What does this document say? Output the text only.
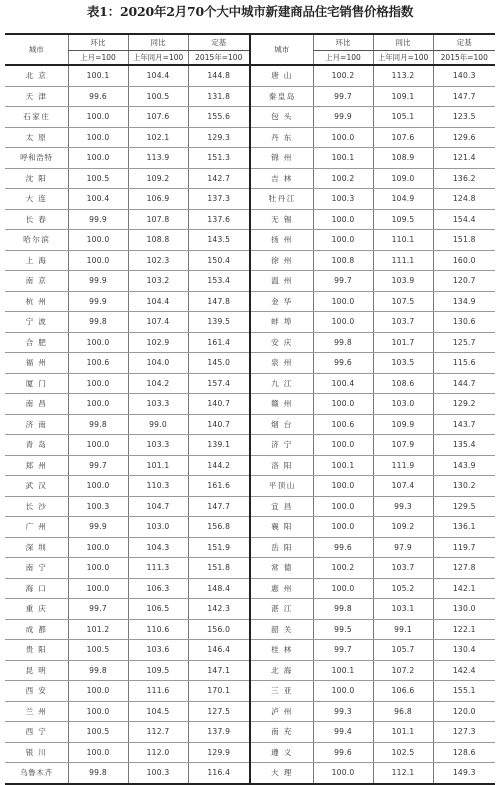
表1：2020年2月70个大中城市新建商品住宅销售价格指数
城市	环比	同比	定基	城市	环比	同比	定基
	上月=100	上年同月=100	2015年=100		上月=100	上年同月=100	2015年=100
北京	100.1	104.4	144.8	唐山	100.2	113.2	140.3
天津	99.6	100.5	131.8	秦皇岛	99.7	109.1	147.7
石家庄	100.0	107.6	155.6	包头	99.9	105.1	123.5
太原	100.0	102.1	129.3	丹东	100.0	107.6	129.6
呼和浩特	100.0	113.9	151.3	锦州	100.1	108.9	121.4
沈阳	100.5	109.2	142.7	吉林	100.2	109.0	136.2
大连	100.4	106.9	137.3	牡丹江	100.3	104.9	124.8
长春	99.9	107.8	137.6	无锡	100.0	109.5	154.4
哈尔滨	100.0	108.8	143.5	扬州	100.0	110.1	151.8
上海	100.0	102.3	150.4	徐州	100.8	111.1	160.0
南京	99.9	103.2	153.4	温州	99.7	103.9	120.7
杭州	99.9	104.4	147.8	金华	100.0	107.5	134.9
宁波	99.8	107.4	139.5	蚌埠	100.0	103.7	130.6
合肥	100.0	102.9	161.4	安庆	99.8	101.7	125.7
福州	100.6	104.0	145.0	泉州	99.6	103.5	115.6
厦门	100.0	104.2	157.4	九江	100.4	108.6	144.7
南昌	100.0	103.3	140.7	赣州	100.0	103.0	129.2
济南	99.8	99.0	140.7	烟台	100.6	109.9	143.7
青岛	100.0	103.3	139.1	济宁	100.0	107.9	135.4
郑州	99.7	101.1	144.2	洛阳	100.1	111.9	143.9
武汉	100.0	110.3	161.6	平顶山	100.0	107.4	130.2
长沙	100.3	104.7	147.7	宜昌	100.0	99.3	129.5
广州	99.9	103.0	156.8	襄阳	100.0	109.2	136.1
深圳	100.0	104.3	151.9	岳阳	99.6	97.9	119.7
南宁	100.0	111.3	151.8	常德	100.2	103.7	127.8
海口	100.0	106.3	148.4	惠州	100.0	105.2	142.1
重庆	99.7	106.5	142.3	湛江	99.8	103.1	130.0
成都	101.2	110.6	156.0	韶关	99.5	99.1	122.1
贵阳	100.5	103.6	146.4	桂林	99.7	105.7	130.4
昆明	99.8	109.5	147.1	北海	100.1	107.2	142.4
西安	100.0	111.6	170.1	三亚	100.0	106.6	155.1
兰州	100.0	104.5	127.5	泸州	99.3	96.8	120.0
西宁	100.5	112.7	137.9	南充	99.4	101.1	127.3
银川	100.0	112.0	129.9	遵义	99.6	102.5	128.6
乌鲁木齐	99.8	100.3	116.4	大理	100.0	112.1	149.3
